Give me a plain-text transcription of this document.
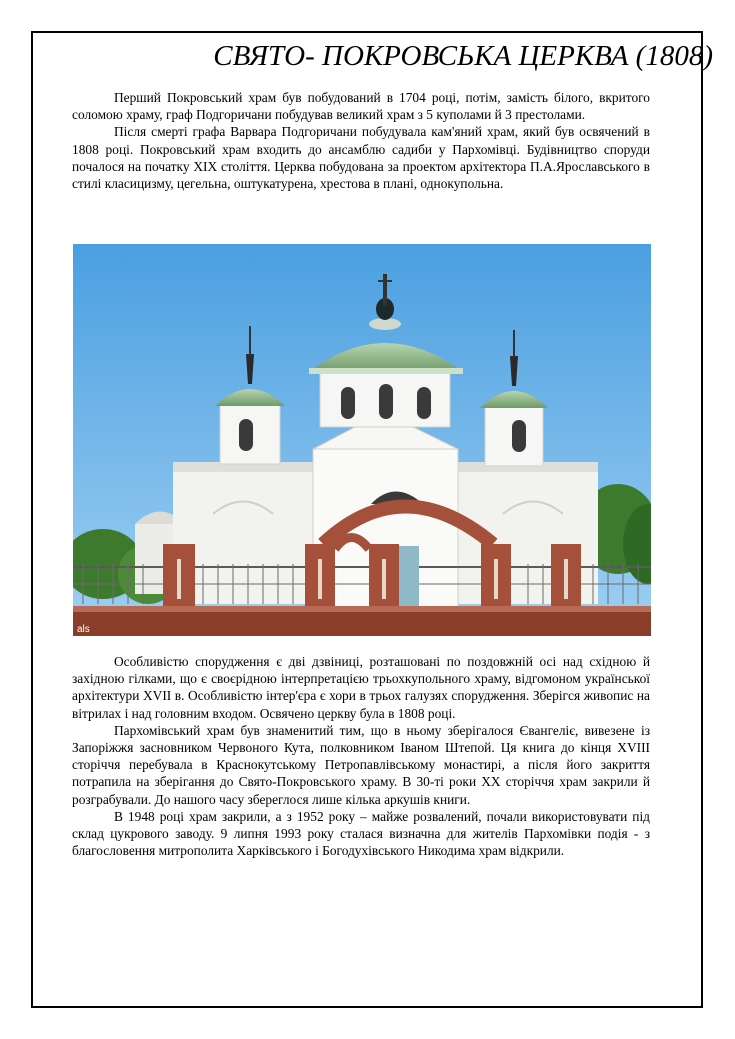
СВЯТО- ПОКРОВСЬКА ЦЕРКВА (1808)

Перший Покровський храм був побудований в 1704 році, потім, замість білого, вкритого соломою храму, граф Подгоричани побудував великий храм з 5 куполами й 3 престолами.

Після смерті графа Варвара Подгоричани побудувала кам'яний храм, який був освячений в 1808 році. Покровський храм входить до ансамблю садиби у Пархомівці. Будівництво споруди почалося на початку XIX століття. Церква побудована за проектом архітектора П.А.Ярославського в стилі класицизму, цегельна, оштукатурена, хрестова в плані, однокупольна.

als

Особливістю спорудження є дві дзвіниці, розташовані по поздовжній осі над східною й західною гілками, що є своєрідною інтерпретацією трьохкупольного храму, відгомоном української архітектури XVII в. Особливістю інтер'єра є хори в трьох галузях спорудження. Зберігся живопис на вітрилах і над головним входом. Освячено церкву була в 1808 році.

Пархомівський храм був знаменитий тим, що в ньому зберігалося Євангеліє, вивезене із Запоріжжя засновником Червоного Кута, полковником Іваном Штепой. Ця книга до кінця XVIII сторіччя перебувала в Краснокутському Петропавлівському монастирі, а після його закриття потрапила на зберігання до Свято-Покровського храму. В 30-ті роки XX сторіччя храм закрили й розграбували. До нашого часу збереглося лише кілька аркушів книги.

В 1948 році храм закрили, а з 1952 року – майже розвалений, почали використовувати під склад цукрового заводу. 9 липня 1993 року сталася визначна для жителів Пархомівки подія - з благословення митрополита Харківського і Богодухівського Никодима храм відкрили.
